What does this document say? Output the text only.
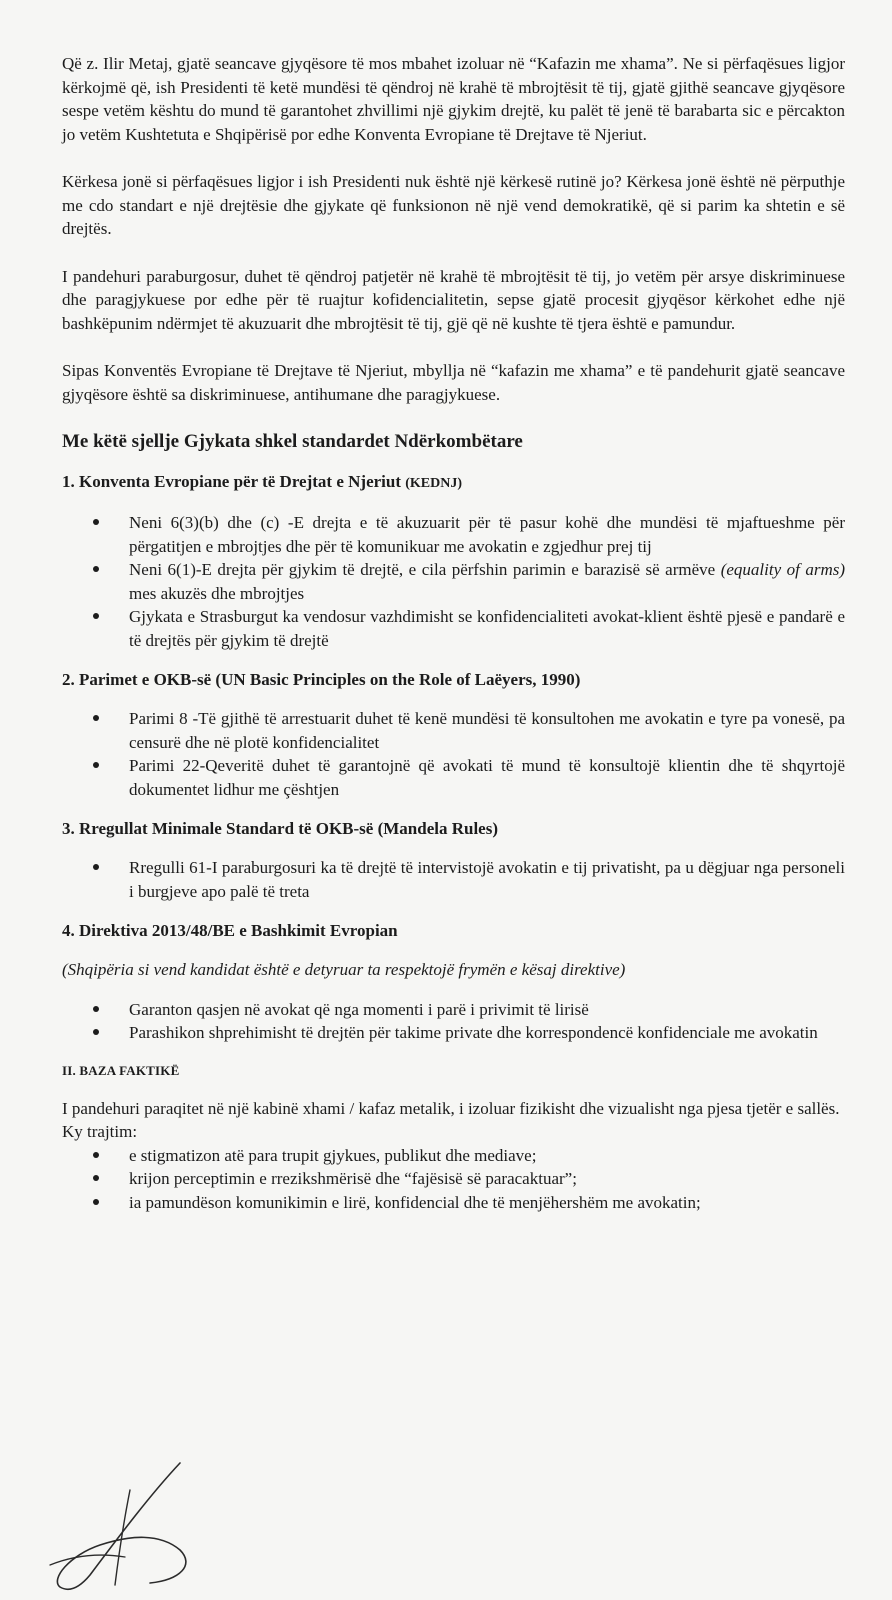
Që z. Ilir Metaj, gjatë seancave gjyqësore të mos mbahet izoluar në “Kafazin me xhama”. Ne si përfaqësues ligjor kërkojmë që, ish Presidenti të ketë mundësi të qëndroj në krahë të mbrojtësit të tij, gjatë gjithë seancave gjyqësore sespe vetëm kështu do mund të garantohet zhvillimi një gjykim drejtë, ku palët të jenë të barabarta sic e përcakton jo vetëm Kushtetuta e Shqipërisë por edhe Konventa Evropiane të Drejtave të Njeriut.

Kërkesa jonë si përfaqësues ligjor i ish Presidenti nuk është një kërkesë rutinë jo? Kërkesa jonë është në përputhje me cdo standart e një drejtësie dhe gjykate që funksionon në një vend demokratikë, që si parim ka shtetin e së drejtës.

I pandehuri paraburgosur, duhet të qëndroj patjetër në krahë të mbrojtësit të tij, jo vetëm për arsye diskriminuese dhe paragjykuese por edhe për të ruajtur kofidencialitetin, sepse gjatë procesit gjyqësor kërkohet edhe një bashkëpunim ndërmjet të akuzuarit dhe mbrojtësit të tij, gjë që në kushte të tjera është e pamundur.

Sipas Konventës Evropiane të Drejtave të Njeriut, mbyllja në “kafazin me xhama” e të pandehurit gjatë seancave gjyqësore është sa diskriminuese, antihumane dhe paragjykuese.

Me këtë sjellje Gjykata shkel standardet Ndërkombëtare

1. Konventa Evropiane për të Drejtat e Njeriut (KEDNJ)

Neni 6(3)(b) dhe (c) -E drejta e të akuzuarit për të pasur kohë dhe mundësi të mjaftueshme për përgatitjen e mbrojtjes dhe për të komunikuar me avokatin e zgjedhur prej tij
Neni 6(1)-E drejta për gjykim të drejtë, e cila përfshin parimin e barazisë së armëve (equality of arms) mes akuzës dhe mbrojtjes
Gjykata e Strasburgut ka vendosur vazhdimisht se konfidencialiteti avokat-klient është pjesë e pandarë e të drejtës për gjykim të drejtë

2. Parimet e OKB-së (UN Basic Principles on the Role of Laëyers, 1990)

Parimi 8 -Të gjithë të arrestuarit duhet të kenë mundësi të konsultohen me avokatin e tyre pa vonesë, pa censurë dhe në plotë konfidencialitet
Parimi 22-Qeveritë duhet të garantojnë që avokati të mund të konsultojë klientin dhe të shqyrtojë dokumentet lidhur me çështjen

3. Rregullat Minimale Standard të OKB-së (Mandela Rules)

Rregulli 61-I paraburgosuri ka të drejtë të intervistojë avokatin e tij privatisht, pa u dëgjuar nga personeli i burgjeve apo palë të treta

4. Direktiva 2013/48/BE e Bashkimit Evropian

(Shqipëria si vend kandidat është e detyruar ta respektojë frymën e kësaj direktive)

Garanton qasjen në avokat që nga momenti i parë i privimit të lirisë
Parashikon shprehimisht të drejtën për takime private dhe korrespondencë konfidenciale me avokatin

II. BAZA FAKTIKË

I pandehuri paraqitet në një kabinë xhami / kafaz metalik, i izoluar fizikisht dhe vizualisht nga pjesa tjetër e sallës.

Ky trajtim:

e stigmatizon atë para trupit gjykues, publikut dhe mediave;
krijon perceptimin e rrezikshmërisë dhe “fajësisë së paracaktuar”;
ia pamundëson komunikimin e lirë, konfidencial dhe të menjëhershëm me avokatin;
